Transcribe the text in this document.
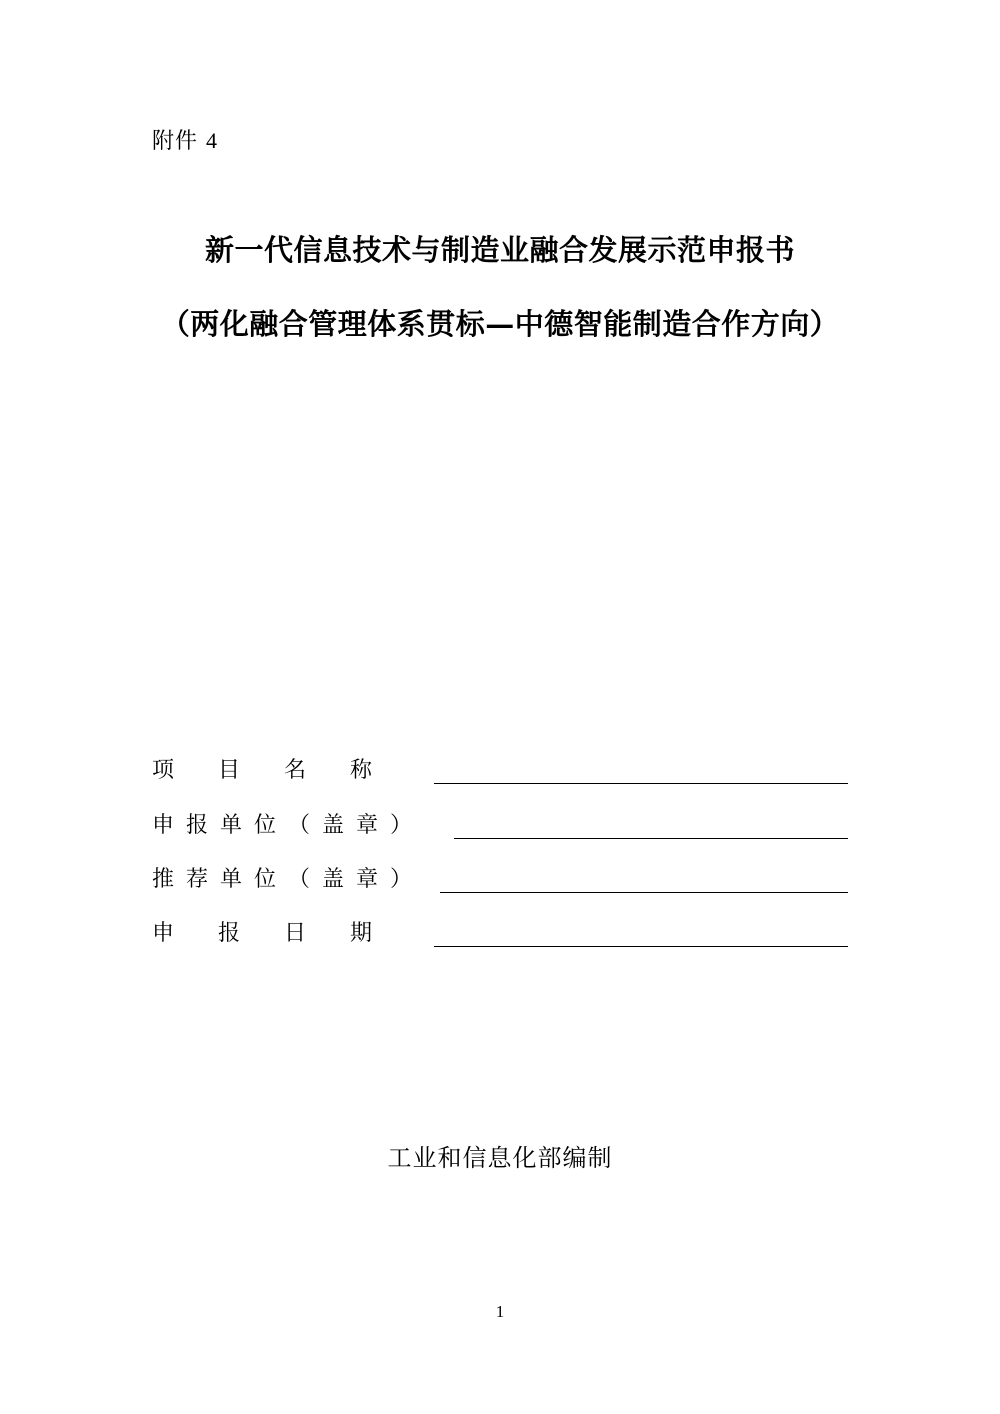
附件 4
新一代信息技术与制造业融合发展示范申报书
（两化融合管理体系贯标—中德智能制造合作方向）
项目名称
申报单位（盖章）
推荐单位（盖章）
申报日期
工业和信息化部编制
1
